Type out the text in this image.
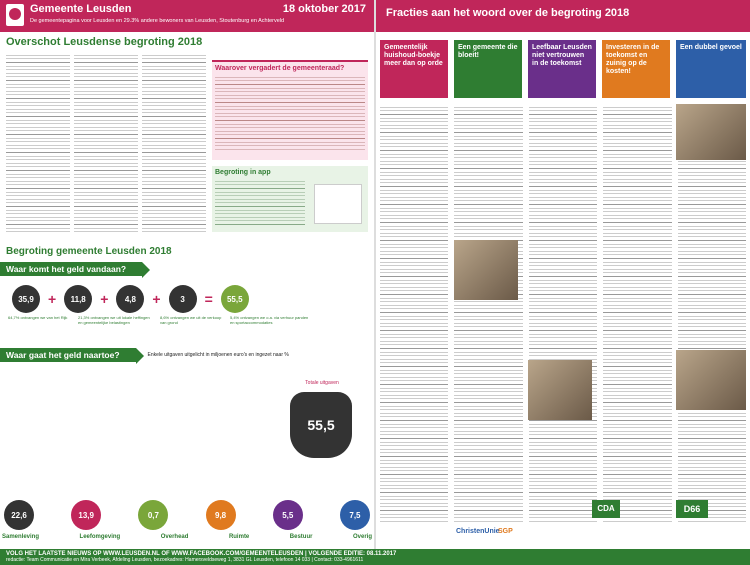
Gemeente Leusden	18 oktober 2017
De gemeentepagina voor Leusden en 29.3% andere bewoners van Leusden, Stoutenburg en Achterveld
Overschot Leusdense begroting 2018
Waarover vergadert de gemeenteraad?
Begroting in app
Begroting gemeente Leusden 2018
Waar komt het geld vandaan?
35,9	+	11,8	+	4,8	+	3	=	55,5
64,7% ontvangen we van het Rijk	21,3% ontvangen we uit lokale heffingen en gemeentelijke belastingen
8,6% ontvangen we uit de verkoop van grond
5,4% ontvangen we o.a. via verhuur panden en sportaccommodaties
Waar gaat het geld naartoe?	Enkele uitgaven uitgelicht in miljoenen euro's en ingezet naar %
Totale uitgaven
55,5
22,6	13,9	0,7	9,8	5,5	7,5
Samenleving	Leefomgeving	Overhead	Ruimte	Bestuur	Overig
Fracties aan het woord over de begroting 2018
Gemeentelijk huishoud-boekje meer dan op orde
Een gemeente die bloeit!
Leefbaar Leusden niet vertrouwen in de toekomst
Investeren in de toekomst en zuinig op de kosten!
Een dubbel gevoel
ChristenUnie
SGP
CDA	D66
VOLG HET LAATSTE NIEUWS OP WWW.LEUSDEN.NL OF WWW.FACEBOOK.COM/GEMEENTELEUSDEN | VOLGENDE EDITIE: 08.11.2017
redactie: Team Communicatie en Mira Verbeek, Afdeling Leusden, bezoekadres: Hamersveldseweg 1, 3831 GL Leusden, telefoon 14 033 | Contact: 033-4961611
